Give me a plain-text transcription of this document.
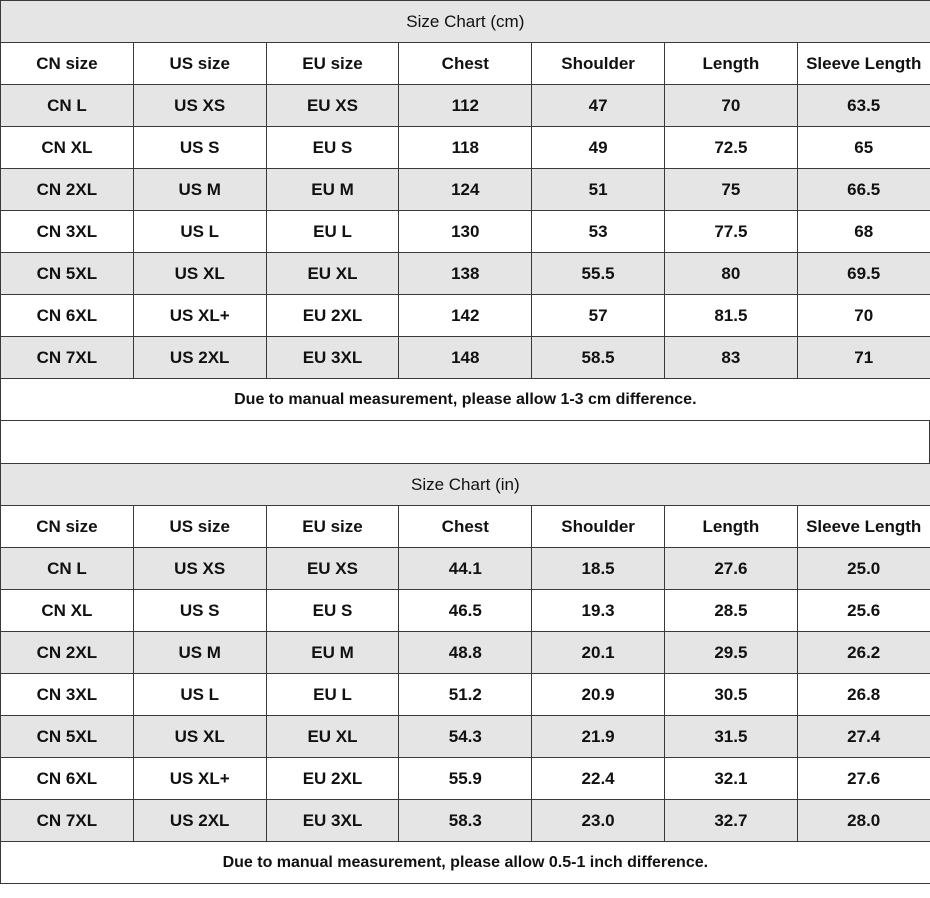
Size Chart (cm)						
CN size	US size	EU size	Chest	Shoulder	Length	Sleeve Length
CN L	US XS	EU XS	112	47	70	63.5
CN XL	US S	EU S	118	49	72.5	65
CN 2XL	US M	EU M	124	51	75	66.5
CN 3XL	US L	EU L	130	53	77.5	68
CN 5XL	US XL	EU XL	138	55.5	80	69.5
CN 6XL	US XL+	EU 2XL	142	57	81.5	70
CN 7XL	US 2XL	EU 3XL	148	58.5	83	71
Due to manual measurement, please allow 1-3 cm difference.						
Size Chart (in)						
CN size	US size	EU size	Chest	Shoulder	Length	Sleeve Length
CN L	US XS	EU XS	44.1	18.5	27.6	25.0
CN XL	US S	EU S	46.5	19.3	28.5	25.6
CN 2XL	US M	EU M	48.8	20.1	29.5	26.2
CN 3XL	US L	EU L	51.2	20.9	30.5	26.8
CN 5XL	US XL	EU XL	54.3	21.9	31.5	27.4
CN 6XL	US XL+	EU 2XL	55.9	22.4	32.1	27.6
CN 7XL	US 2XL	EU 3XL	58.3	23.0	32.7	28.0
Due to manual measurement, please allow 0.5-1 inch difference.						
